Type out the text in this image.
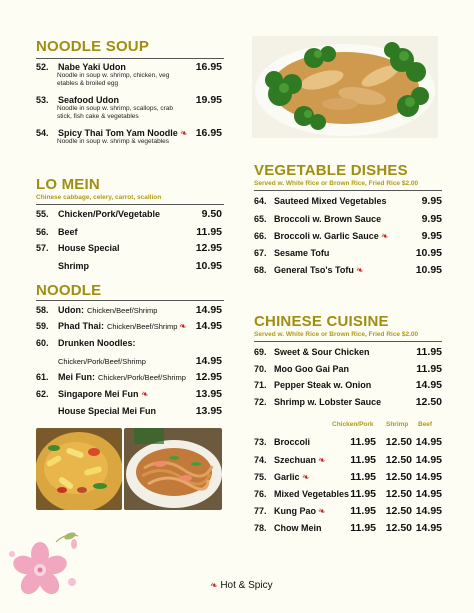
NOODLE SOUP
52. Nabe Yaki Udon	16.95
Noodle in soup w. shrimp, chicken, veg etables & broiled egg
53. Seafood Udon	19.95
Noodle in soup w. shrimp, scallops, crab stick, fish cake & vegetables
54. Spicy Thai Tom Yam Noodle❧ 16.95
Noodle in soup w. shrimp & vegetables
LO MEIN
Chinese cabbage, celery, carrot, scallion
55. Chicken/Pork/Vegetable	9.50
56. Beef	11.95
57. House Special	12.95
Shrimp	10.95
NOODLE
58. Udon: Chicken/Beef/Shrimp	14.95
59. Phad Thai: Chicken/Beef/Shrimp❧ 14.95
60. Drunken Noodles:
Chicken/Pork/Beef/Shrimp	14.95
61. Mei Fun: Chicken/Pork/Beef/Shrimp 12.95
62. Singapore Mei Fun❧	13.95
House Special Mei Fun	13.95
VEGETABLE DISHES
Served w. White Rice or Brown Rice, Fried Rice $2.00
64. Sauteed Mixed Vegetables	9.95
65. Broccoli w. Brown Sauce	9.95
66. Broccoli w. Garlic Sauce❧	9.95
67. Sesame Tofu	10.95
68. General Tso's Tofu❧	10.95
CHINESE CUISINE
Served w. White Rice or Brown Rice, Fried Rice $2.00
69. Sweet & Sour Chicken	11.95
70. Moo Goo Gai Pan	11.95
71. Pepper Steak w. Onion	14.95
72. Shrimp w. Lobster Sauce	12.50
Chicken/Pork Shrimp Beef
73. Broccoli	11.95 12.50 14.95
74. Szechuan❧ 11.95 12.50 14.95
75. Garlic❧	11.95 12.50 14.95
76. Mixed Vegetables 11.95 12.50 14.95
77. Kung Pao❧ 11.95 12.50 14.95
78. Chow Mein	11.95 12.50 14.95
❧ Hot & Spicy
